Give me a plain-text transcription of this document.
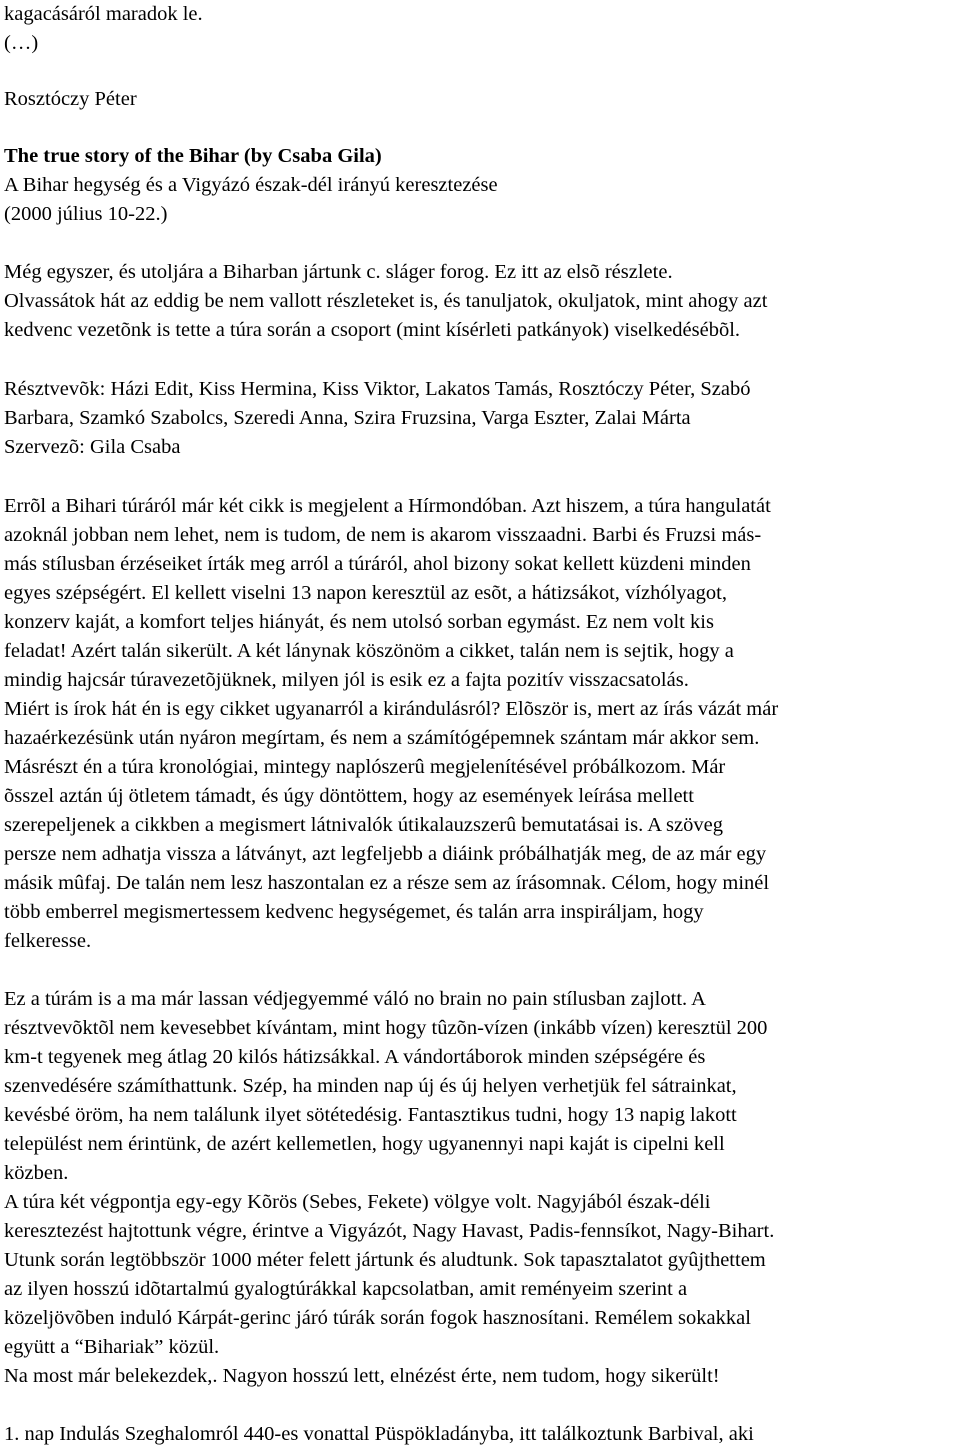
kagacásáról maradok le.
(…)
Rosztóczy Péter
The true story of the Bihar (by Csaba Gila)
A Bihar hegység és a Vigyázó észak-dél irányú keresztezése
(2000 július 10-22.)
Még egyszer, és utoljára a Biharban jártunk c. sláger forog. Ez itt az elsõ részlete.
Olvassátok hát az eddig be nem vallott részleteket is, és tanuljatok, okuljatok, mint ahogy azt
kedvenc vezetõnk is tette a túra során a csoport (mint kísérleti patkányok) viselkedésébõl.
Résztvevõk: Házi Edit, Kiss Hermina, Kiss Viktor, Lakatos Tamás, Rosztóczy Péter, Szabó
Barbara, Szamkó Szabolcs, Szeredi Anna, Szira Fruzsina, Varga Eszter, Zalai Márta
Szervezõ: Gila Csaba
Errõl a Bihari túráról már két cikk is megjelent a Hírmondóban. Azt hiszem, a túra hangulatát
azoknál jobban nem lehet, nem is tudom, de nem is akarom visszaadni. Barbi és Fruzsi más-
más stílusban érzéseiket írták meg arról a túráról, ahol bizony sokat kellett küzdeni minden
egyes szépségért. El kellett viselni 13 napon keresztül az esõt, a hátizsákot, vízhólyagot,
konzerv kaját, a komfort teljes hiányát, és nem utolsó sorban egymást. Ez nem volt kis
feladat! Azért talán sikerült. A két lánynak köszönöm a cikket, talán nem is sejtik, hogy a
mindig hajcsár túravezetõjüknek, milyen jól is esik ez a fajta pozitív visszacsatolás.
Miért is írok hát én is egy cikket ugyanarról a kirándulásról? Elõször is, mert az írás vázát már
hazaérkezésünk után nyáron megírtam, és nem a számítógépemnek szántam már akkor sem.
Másrészt én a túra kronológiai, mintegy naplószerû megjelenítésével próbálkozom. Már
õsszel aztán új ötletem támadt, és úgy döntöttem, hogy az események leírása mellett
szerepeljenek a cikkben a megismert látnivalók útikalauzszerû bemutatásai is. A szöveg
persze nem adhatja vissza a látványt, azt legfeljebb a diáink próbálhatják meg, de az már egy
másik mûfaj. De talán nem lesz haszontalan ez a része sem az írásomnak. Célom, hogy minél
több emberrel megismertessem kedvenc hegységemet, és talán arra inspiráljam, hogy
felkeresse.
Ez a túrám is a ma már lassan védjegyemmé váló no brain no pain stílusban zajlott. A
résztvevõktõl nem kevesebbet kívántam, mint hogy tûzõn-vízen (inkább vízen) keresztül 200
km-t tegyenek meg átlag 20 kilós hátizsákkal. A vándortáborok minden szépségére és
szenvedésére számíthattunk. Szép, ha minden nap új és új helyen verhetjük fel sátrainkat,
kevésbé öröm, ha nem találunk ilyet sötétedésig. Fantasztikus tudni, hogy 13 napig lakott
települést nem érintünk, de azért kellemetlen, hogy ugyanennyi napi kaját is cipelni kell
közben.
A túra két végpontja egy-egy Kõrös (Sebes, Fekete) völgye volt. Nagyjából észak-déli
keresztezést hajtottunk végre, érintve a Vigyázót, Nagy Havast, Padis-fennsíkot, Nagy-Bihart.
Utunk során legtöbbször 1000 méter felett jártunk és aludtunk. Sok tapasztalatot gyûjthettem
az ilyen hosszú idõtartalmú gyalogtúrákkal kapcsolatban, amit reményeim szerint a
közeljövõben induló Kárpát-gerinc járó túrák során fogok hasznosítani. Remélem sokakkal
együtt a “Bihariak” közül.
Na most már belekezdek,. Nagyon hosszú lett, elnézést érte, nem tudom, hogy sikerült!
1. nap Indulás Szeghalomról 440-es vonattal Püspökladányba, itt találkoztunk Barbival, aki
